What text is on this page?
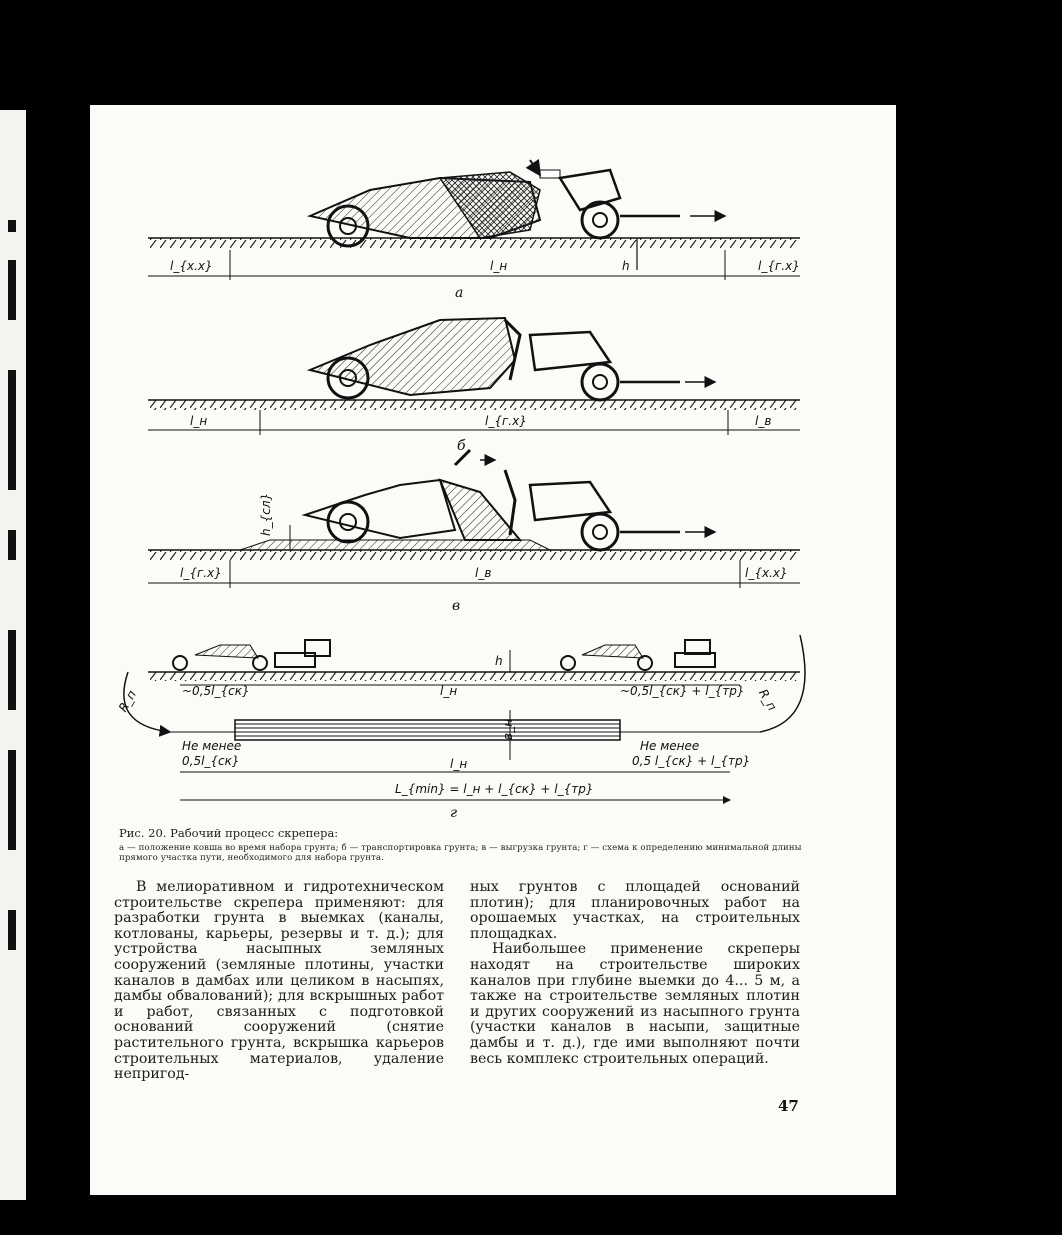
l_{x.x}	l_н	h	l_{г.x}
а
l_н	l_{г.x}	l_в
б
h_{сл}
l_{г.x}	l_в	l_{x.x}
в
R_п	R_п
~0,5l_{ск}	l_н	~0,5l_{ск} + l_{тр}
h
в_н
Не менее
0,5l_{ск}	l_н
Не менее
0,5 l_{ск} + l_{тр}
L_{min} = l_н + l_{ск} + l_{тр}
г

Рис. 20. Рабочий процесс скрепера:

а — положение ковша во время набора грунта; б — транспортировка грунта; в — выгрузка грунта; г — схема к определению минимальной длины прямого участка пути, необходимого для набора грунта.

В мелиоративном и гидротехническом строительстве скрепера применяют: для разработки грунта в выемках (каналы, котлованы, карьеры, резервы и т. д.); для устройства насыпных земляных сооружений (земляные плотины, участки каналов в дамбах или целиком в насыпях, дамбы обвалований); для вскрышных работ и работ, связанных с подготовкой оснований сооружений (снятие растительного грунта, вскрышка карьеров строительных материалов, удаление непригод-

ных грунтов с площадей оснований плотин); для планировочных работ на орошаемых участках, на строительных площадках.

Наибольшее применение скреперы находят на строительстве широких каналов при глубине выемки до 4... 5 м, а также на строительстве земляных плотин и других сооружений из насыпного грунта (участки каналов в насыпи, защитные дамбы и т. д.), где ими выполняют почти весь комплекс строительных операций.

47
